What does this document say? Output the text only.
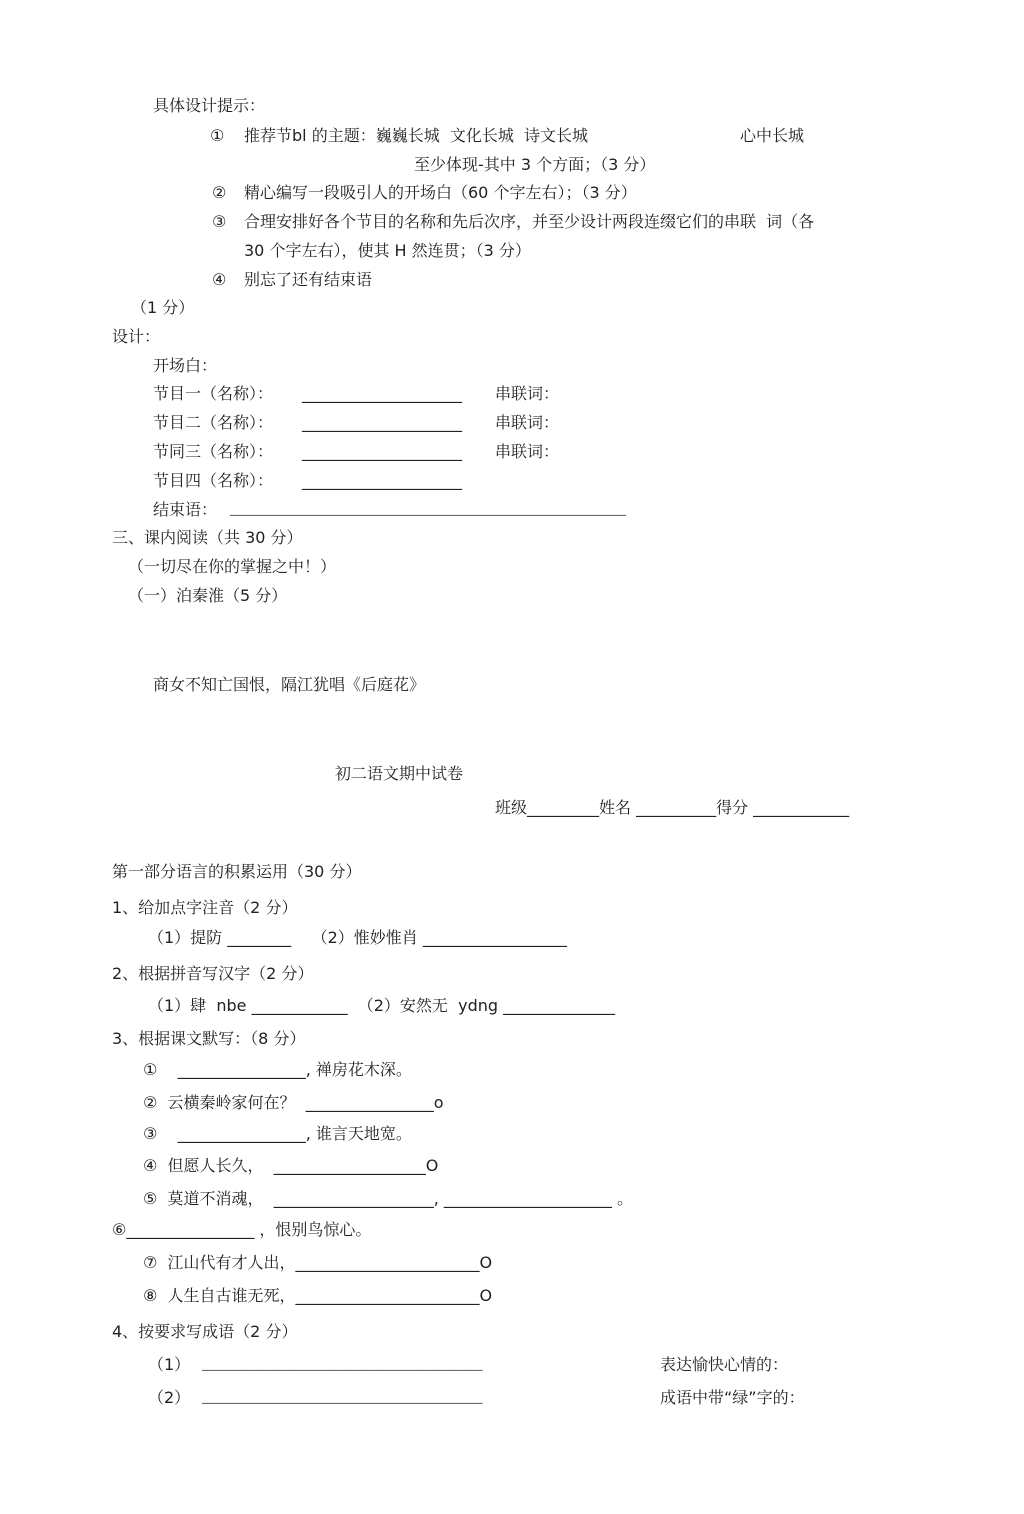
具体设计提示：
① 推荐节bl 的主题：巍巍长城  文化长城  诗文长城	心中长城
至少体现-其中 3 个方面；（3 分）
② 精心编写一段吸引人的开场白（60 个字左右）；（3 分）
③ 合理安排好各个节目的名称和先后次序，并至少设计两段连缀它们的串联  词（各
30 个字左右），使其 H 然连贯；（3 分）
④ 别忘了还有结束语
（1 分）
设计：
开场白：
节目一（名称）： ____________________ 串联词：
节目二（名称）： ____________________ 串联词：
节同三（名称）： ____________________ 串联词：
节目四（名称）： ____________________
结束语： ________________________________________________________________________
三、课内阅读（共 30 分）
（一切尽在你的掌握之中！）
（一）泊秦淮（5 分）
商女不知亡国恨，隔江犹唱《后庭花》
初二语文期中试卷
班级_________姓名 __________得分 ____________
第一部分语言的积累运用（30 分）
1、给加点字注音（2 分）
（1）提防 ________    （2）惟妙惟肖 __________________
2、根据拼音写汉字（2 分）
（1）肆  nbe ____________  （2）安然无  ydng ______________
3、根据课文默写：（8 分）
①    ________________, 禅房花木深。
②  云横秦岭家何在？  ________________o
③    ________________, 谁言天地宽。
④  但愿人长久，  ___________________O
⑤  莫道不消魂，  ____________________, _____________________ 。
⑥________________ ，恨别鸟惊心。
⑦  江山代有才人出，_______________________O
⑧  人生自古谁无死，_______________________O
4、按要求写成语（2 分）
（1） ___________________________________________________	表达愉快心情的：
（2） ___________________________________________________	成语中带“绿”字的：
